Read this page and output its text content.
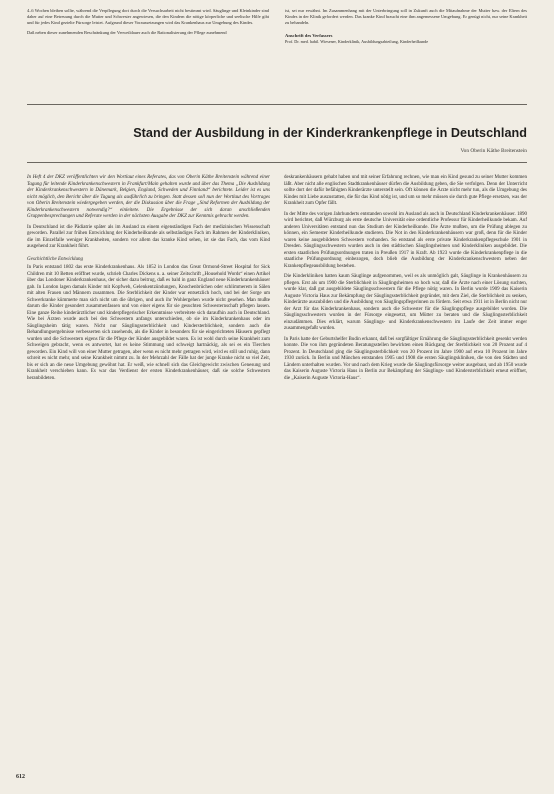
4–6 Wochen bleiben sollte, während die Verpflegung dort durch die Versuchsarbeit nicht bestimmt wird. Säuglinge und Kleinkinder sind daher auf eine Betreuung durch die Mutter und Schwester angewiesen, die den Kindern die nötige körperliche und seelische Hilfe gibt und für jedes Kind gezielte Fürsorge leistet. Aufgrund dieser Voraussetzungen wird das Krankenhaus zur Umgebung des Kindes.

Daß neben dieser zunehmenden Beschränkung der Verweildauer auch die Rationalisierung der Pflege zunehmend

ist, sei nur erwähnt. Im Zusammenhang mit der Unterbringung soll in Zukunft auch die Mitaufnahme der Mutter bzw. der Eltern des Kindes in der Klinik gefordert werden. Das kranke Kind braucht eine ihm angemessene Umgebung. Er genügt nicht, nur seine Krankheit zu behandeln.

Anschrift des Verfassers
Prof. Dr. med. habil. Wiesener, Kinderklinik, Ausbildungsabteilung, Kinderheilkunde
Stand der Ausbildung in der Kinderkrankenpflege in Deutschland
Von Oberin Käthe Breitenstein

In Heft 4 der DKZ veröffentlichten wir den Wortlaut eines Referates, das von Oberin Käthe Breitenstein während einer Tagung für leitende Kinderkrankenschwestern in Frankfurt/Main gehalten wurde und über das Thema „Die Ausbildung der Kinderkrankenschwestern in Dänemark, Belgien, England, Schweden und Finnland“ berichtete. Leider ist es uns nicht möglich, den Bericht über die Tagung als ausführlich zu bringen. Statt dessen soll nun der Wortlaut des Vortrages von Oberin Breitenstein wiedergegeben werden, der die Diskussion über die Frage „Sind Reformen der Ausbildung der Kinderkrankenschwestern notwendig?“ einleitete. Die Ergebnisse der sich daran anschließenden Gruppenbesprechungen und Referate werden in der nächsten Ausgabe der DKZ zur Kenntnis gebracht werden.

In Deutschland ist die Pädiatrie später als im Ausland zu einem eigenständigen Fach der medizinischen Wissenschaft geworden. Parallel zur frühen Entwicklung der Kinderheilkunde als selbständiges Fach im Rahmen der Kinderkliniken, die im Einzelfalle weniger Krankheiten, sondern vor allem das kranke Kind sehen, ist sie das Fach, das vom Kind ausgehend zur Krankheit führt.

Geschichtliche Entwicklung

In Paris entstand 1802 das erste Kinderkrankenhaus. Als 1852 in London das Great Ormond-Street Hospital for Sick Children mit 10 Betten eröffnet wurde, schrieb Charles Dickens u. a. seiner Zeitschrift „Household Words“ einen Artikel über das Londoner Kinderkrankenhaus, der sicher dazu beitrug, daß es bald in ganz England neue Kinderkrankenhäuser gab. In London lagen damals Kinder mit Kopfweh, Gelenkentzündungen, Knochenbrüchen oder schlimmerem in Sälen mit alten Frauen und Männern zusammen. Die Sterblichkeit der Kinder war entsetzlich hoch, und bei der Sorge um Schwerkranke kümmerte man sich nicht um die übrigen, und auch ihr Wohlergehen wurde nicht gesehen. Man mußte darum die Kinder gesondert zusammenfassen und von einer eigens für sie gesuchten Schwesternschaft pflegen lassen. Eine ganze Reihe kinderärztlicher und kinderpflegerischer Erkenntnisse verbreitete sich daraufhin auch in Deutschland. Wie bei Ärzten wurde auch bei den Schwestern anfangs unterschieden, ob sie im Kinderkrankenhaus oder im Säuglingsheim tätig waren. Nicht nur Säuglingssterblichkeit und Kindersterblichkeit, sondern auch die Behandlungsergebnisse verbesserten sich zusehends, als die Kinder in besonders für sie eingerichteten Häusern gepflegt wurden und die Schwestern eigens für die Pflege der Kinder ausgebildet waren. Es ist wohl durch seine Krankheit zum Schweigen gebracht, wenn es antwortet, hat es keine Stimmung und schweigt hartnäckig, als sei es ein Tierchen geworden. Ein Kind will von einer Mutter getragen, aber wenn es nicht mehr getragen wird, wird es still und ruhig, dann schreit es nicht mehr, und seine Krankheit nimmt zu. In der Mehrzahl der Fälle hat der junge Kranke nicht so viel Zeit, bis er sich an die neue Umgebung gewöhnt hat. Er weiß, wie schnell sich das Gleichgewicht zwischen Genesung und Krankheit verschieben kann. Es war das Verdienst der ersten Kinderkrankenhäuser, daß sie solche Schwestern heranbildeten.

deskrankenhäusern gehabt haben und mit seiner Erfahrung rechnen, wie man ein Kind gesund zu seiner Mutter kommen läßt. Aber nicht alle englischen Stadtkrankenhäuser dürfen die Ausbildung geben, die Sie verfolgen. Denn der Unterricht sollte dort der dafür befähigten Kinderärzte unterstellt sein. Oft können die Ärzte nicht mehr tun, als die Umgebung des Kindes mit Liebe auszustatten, die für das Kind nötig ist, und um so mehr müssen sie durch gute Pflege ersetzen, was der Krankheit zum Opfer fällt.

In der Mitte des vorigen Jahrhunderts entstanden sowohl im Ausland als auch in Deutschland Kinderkrankenhäuser. 1890 wird berichtet, daß Würzburg als erste deutsche Universität eine ordentliche Professur für Kinderheilkunde bekam. Auf anderen Universitäten entstand nun das Studium der Kinderheilkunde. Die Ärzte mußten, um die Prüfung ablegen zu können, ein Semester Kinderheilkunde studieren. Die Not in den Kinderkrankenhäusern war groß, denn für die Kinder waren keine ausgebildeten Schwestern vorhanden. So entstand als erste private Kinderkrankenpflegeschule 1901 in Dresden. Säuglingsschwestern wurden auch in den städtischen Säuglingsheimen und Kinderkliniken ausgebildet. Die ersten staatlichen Prüfungsordnungen traten in Preußen 1917 in Kraft. Ab 1923 wurde die Kinderkrankenpflege in die staatliche Prüfungsordnung einbezogen, doch blieb die Ausbildung der Kinderkrankenschwestern neben der Krankenpflegeausbildung bestehen.

Die Kinderkliniken hatten kaum Säuglinge aufgenommen, weil es als unmöglich galt, Säuglinge in Krankenhäusern zu pflegen. Erst als um 1900 die Sterblichkeit in Säuglingsheimen so hoch war, daß die Ärzte nach einer Lösung suchten, wurde klar, daß gut ausgebildete Säuglingsschwestern für die Pflege nötig waren. In Berlin wurde 1909 das Kaiserin Auguste Victoria Haus zur Bekämpfung der Säuglingssterblichkeit gegründet, mit dem Ziel, die Sterblichkeit zu senken, Kinderärzte auszubilden und die Ausbildung von Säuglingspflegerinnen zu fördern. Seit etwa 1911 ist in Berlin nicht nur der Arzt für das Kinderkrankenhaus, sondern auch die Schwester für die Säuglingspflege ausgebildet worden. Die Säuglingsschwestern wurden in der Fürsorge eingesetzt, um Mütter zu beraten und die Säuglingssterblichkeit einzudämmen. Dies erklärt, warum Säuglings- und Kinderkrankenschwestern im Laufe der Zeit immer enger zusammengefaßt wurden.

In Paris hatte der Geburtshelfer Budin erkannt, daß bei sorgfältiger Ernährung die Säuglingssterblichkeit gesenkt werden konnte. Die von ihm gegründeten Beratungsstellen bewirkten einen Rückgang der Sterblichkeit von 20 Prozent auf 4 Prozent. In Deutschland ging die Säuglingssterblichkeit von 20 Prozent im Jahre 1900 auf etwa 10 Prozent im Jahre 1930 zurück. In Berlin und München entstanden 1905 und 1908 die ersten Säuglingskliniken, die von den Städten und Ländern unterhalten wurden. Vor und nach dem Krieg wurde die Säuglingsfürsorge weiter ausgebaut, und ab 1950 wurde das Kaiserin Auguste Victoria Haus in Berlin zur Bekämpfung der Säuglings- und Kindersterblichkeit erneut eröffnet, die „Kaiserin Auguste Victoria-Haus“.

612
